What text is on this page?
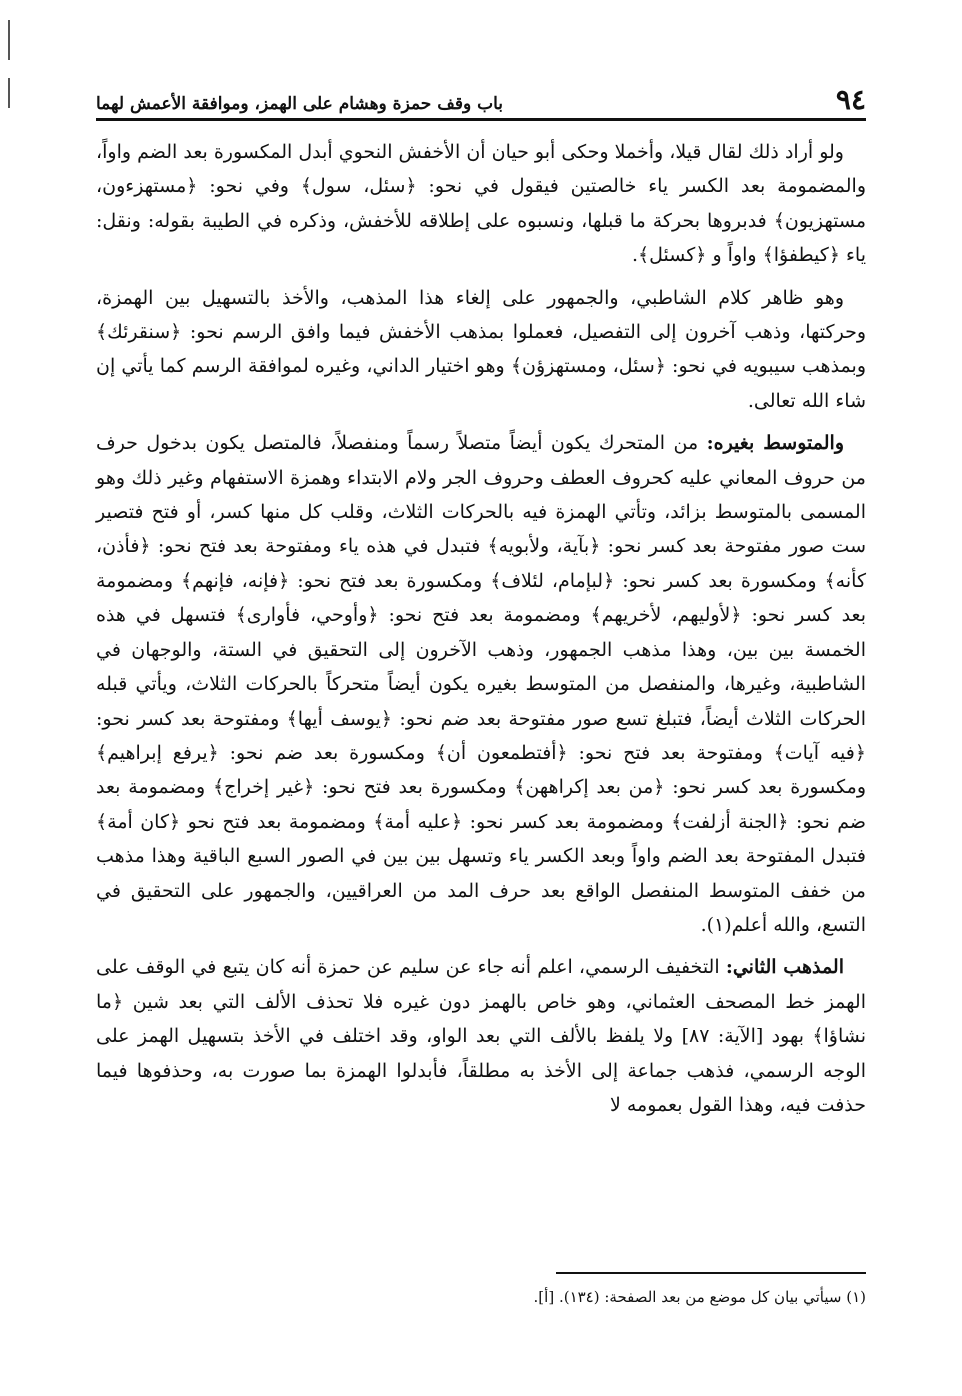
٩٤
باب وقف حمزة وهشام على الهمز، وموافقة الأعمش لهما

ولو أراد ذلك لقال قيلا، وأخملا وحكى أبو حيان أن الأخفش النحوي أبدل المكسورة بعد الضم واواً، والمضمومة بعد الكسر ياء خالصتين فيقول في نحو: ﴿سئل، سول﴾ وفي نحو: ﴿مستهزءون، مستهزيون﴾ فدبروها بحركة ما قبلها، ونسبوه على إطلاقه للأخفش، وذكره في الطيبة بقوله: ونقل: ياء ﴿كيطفؤا﴾ واواً و ﴿كسئل﴾.

وهو ظاهر كلام الشاطبي، والجمهور على إلغاء هذا المذهب، والأخذ بالتسهيل بين الهمزة، وحركتها، وذهب آخرون إلى التفصيل، فعملوا بمذهب الأخفش فيما وافق الرسم نحو: ﴿سنقرئك﴾ وبمذهب سيبويه في نحو: ﴿سئل، ومستهزؤن﴾ وهو اختيار الداني، وغيره لموافقة الرسم كما يأتي إن شاء الله تعالى.

والمتوسط بغيره: من المتحرك يكون أيضاً متصلاً رسماً ومنفصلاً، فالمتصل يكون بدخول حرف من حروف المعاني عليه كحروف العطف وحروف الجر ولام الابتداء وهمزة الاستفهام وغير ذلك وهو المسمى بالمتوسط بزائد، وتأتي الهمزة فيه بالحركات الثلاث، وقلب كل منها كسر، أو فتح فتصير ست صور مفتوحة بعد كسر نحو: ﴿بآية، ولأبويه﴾ فتبدل في هذه ياء ومفتوحة بعد فتح نحو: ﴿فأذن، كأنه﴾ ومكسورة بعد كسر نحو: ﴿لبإمام، لئلاف﴾ ومكسورة بعد فتح نحو: ﴿فإنه، فإنهم﴾ ومضمومة بعد كسر نحو: ﴿لأوليهم، لأخريهم﴾ ومضمومة بعد فتح نحو: ﴿وأوحي، فأوارى﴾ فتسهل في هذه الخمسة بين بين، وهذا مذهب الجمهور، وذهب الآخرون إلى التحقيق في الستة، والوجهان في الشاطبية، وغيرها، والمنفصل من المتوسط بغيره يكون أيضاً متحركاً بالحركات الثلاث، ويأتي قبله الحركات الثلاث أيضاً، فتبلغ تسع صور مفتوحة بعد ضم نحو: ﴿يوسف أيها﴾ ومفتوحة بعد كسر نحو: ﴿فيه آيات﴾ ومفتوحة بعد فتح نحو: ﴿أفتطمعون أن﴾ ومكسورة بعد ضم نحو: ﴿يرفع إبراهيم﴾ ومكسورة بعد كسر نحو: ﴿من بعد إكراههن﴾ ومكسورة بعد فتح نحو: ﴿غير إخراج﴾ ومضمومة بعد ضم نحو: ﴿الجنة أزلفت﴾ ومضمومة بعد كسر نحو: ﴿عليه أمة﴾ ومضمومة بعد فتح نحو ﴿كان أمة﴾ فتبدل المفتوحة بعد الضم واواً وبعد الكسر ياء وتسهل بين بين في الصور السبع الباقية وهذا مذهب من خفف المتوسط المنفصل الواقع بعد حرف المد من العراقيين، والجمهور على التحقيق في التسع، والله أعلم(١).

المذهب الثاني: التخفيف الرسمي، اعلم أنه جاء عن سليم عن حمزة أنه كان يتبع في الوقف على الهمز خط المصحف العثماني، وهو خاص بالهمز دون غيره فلا تحذف الألف التي بعد شين ﴿ما نشاؤا﴾ بهود [الآية: ٨٧] ولا يلفظ بالألف التي بعد الواو، وقد اختلف في الأخذ بتسهيل الهمز على الوجه الرسمي، فذهب جماعة إلى الأخذ به مطلقاً، فأبدلوا الهمزة بما صورت به، وحذفوها فيما حذفت فيه، وهذا القول بعمومه لا

(١) سيأتي بيان كل موضع من بعد الصفحة: (١٣٤). [أ].
